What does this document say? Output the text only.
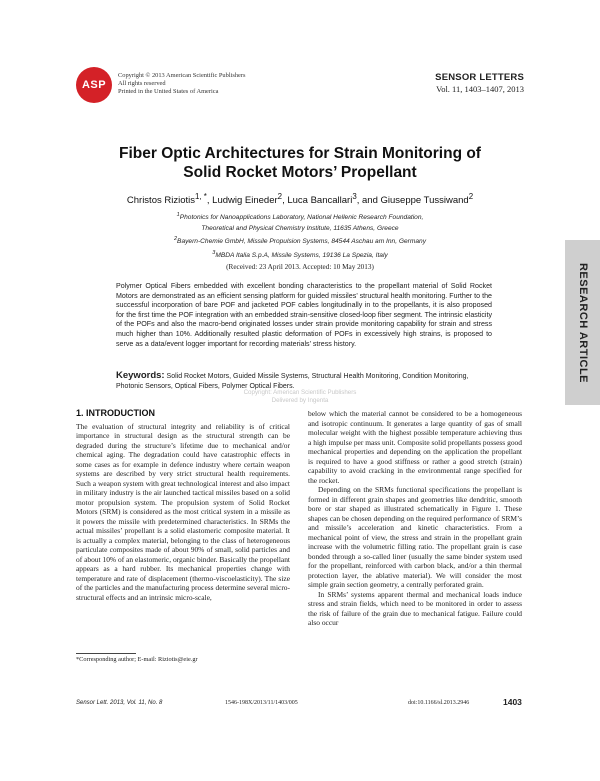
ASP
Copyright © 2013 American Scientific Publishers
All rights reserved
Printed in the United States of America
SENSOR LETTERS
Vol. 11, 1403–1407, 2013
Fiber Optic Architectures for Strain Monitoring of
Solid Rocket Motors’ Propellant
Christos Riziotis$^{1, *}$, Ludwig Eineder$^2$, Luca Bancallari$^3$, and Giuseppe Tussiwand$^2$
$^1$Photonics for Nanoapplications Laboratory, National Hellenic Research Foundation,
Theoretical and Physical Chemistry Institute, 11635 Athens, Greece
$^2$Bayern-Chemie GmbH, Missile Propulsion Systems, 84544 Aschau am Inn, Germany
$^3$MBDA Italia S.p.A, Missile Systems, 19136 La Spezia, Italy
(Received: 23 April 2013. Accepted: 10 May 2013)
Polymer Optical Fibers embedded with excellent bonding characteristics to the propellant material of Solid Rocket Motors are demonstrated as an efficient sensing platform for guided missiles’ structural health monitoring. Further to the successful incorporation of bare POF and jacketed POF cables longitudinally in to the propellants, it is also proposed for the first time the POF integration with an embedded strain-sensitive closed-loop fiber segment. The intrinsic elasticity of the POFs and also the macro-bend originated losses under strain provide monitoring capability for strain and stress much higher than 10%. Additionally resulted plastic deformation of POFs in excessively high strains, is proposed to serve as a data/event logger important for recording materials’ stress history.
Keywords: Solid Rocket Motors, Guided Missile Systems, Structural Health Monitoring, Condition Monitoring, Photonic Sensors, Optical Fibers, Polymer Optical Fibers.
Copyright: American Scientific Publishers
Delivered by Ingenta
RESEARCH ARTICLE
1. INTRODUCTION

The evaluation of structural integrity and reliability is of critical importance in structural design as the structural strength can be degraded during the structure’s lifetime due to mechanical and/or chemical aging. The degradation could have catastrophic effects in some cases as for example in defence industry where certain weapon systems are described by very strict structural health requirements. Such a weapon system with great technological interest and also impact in military industry is the air launched tactical missiles based on a solid motor propulsion system. The propulsion system of Solid Rocket Motors (SRM) is considered as the most critical system in a missile as it powers the missile with predetermined characteristics. In SRMs the actual missiles’ propellant is a solid elastomeric composite material. It is actually a complex material, belonging to the class of heterogeneous particulate composites made of about 90% of small, solid particles and of about 10% of an elastomeric, organic binder. Basically the propellant appears as a hard rubber. Its mechanical properties change with temperature and rate of displacement (thermo-viscoelasticity). The size of the particles and the manufacturing process determine several micro-structural effects and an intrinsic micro-scale,

below which the material cannot be considered to be a homogeneous and isotropic continuum. It generates a large quantity of gas of small molecular weight with the highest possible temperature achieving thus a high impulse per mass unit. Composite solid propellants possess good mechanical properties and depending on the application the propellant is required to have a good stiffness or rather a good stretch (strain) capability to avoid cracking in the environmental range specified for the rocket.

Depending on the SRMs functional specifications the propellant is formed in different grain shapes and geometries like dendritic, smooth bore or star shaped as illustrated schematically in Figure 1. These shapes can be chosen depending on the required performance of SRM’s and missile’s acceleration and kinetic characteristics. From a mechanical point of view, the stress and strain in the propellant grain increase with the volumetric filling ratio. The propellant grain is case bonded through a so-called liner (usually the same binder system used for the propellant, reinforced with carbon black, and/or a thin thermal protection layer, the ablative material). We will consider the most simple grain section geometry, a centrally perforated grain.

In SRMs’ systems apparent thermal and mechanical loads induce stress and strain fields, which need to be monitored in order to assess the risk of failure of the grain due to mechanical fatigue. Failure could also occur

*Corresponding author; E-mail: Riziotis@eie.gr
Sensor Lett. 2013, Vol. 11, No. 8	1546-198X/2013/11/1403/005	doi:10.1166/sl.2013.2946	1403
